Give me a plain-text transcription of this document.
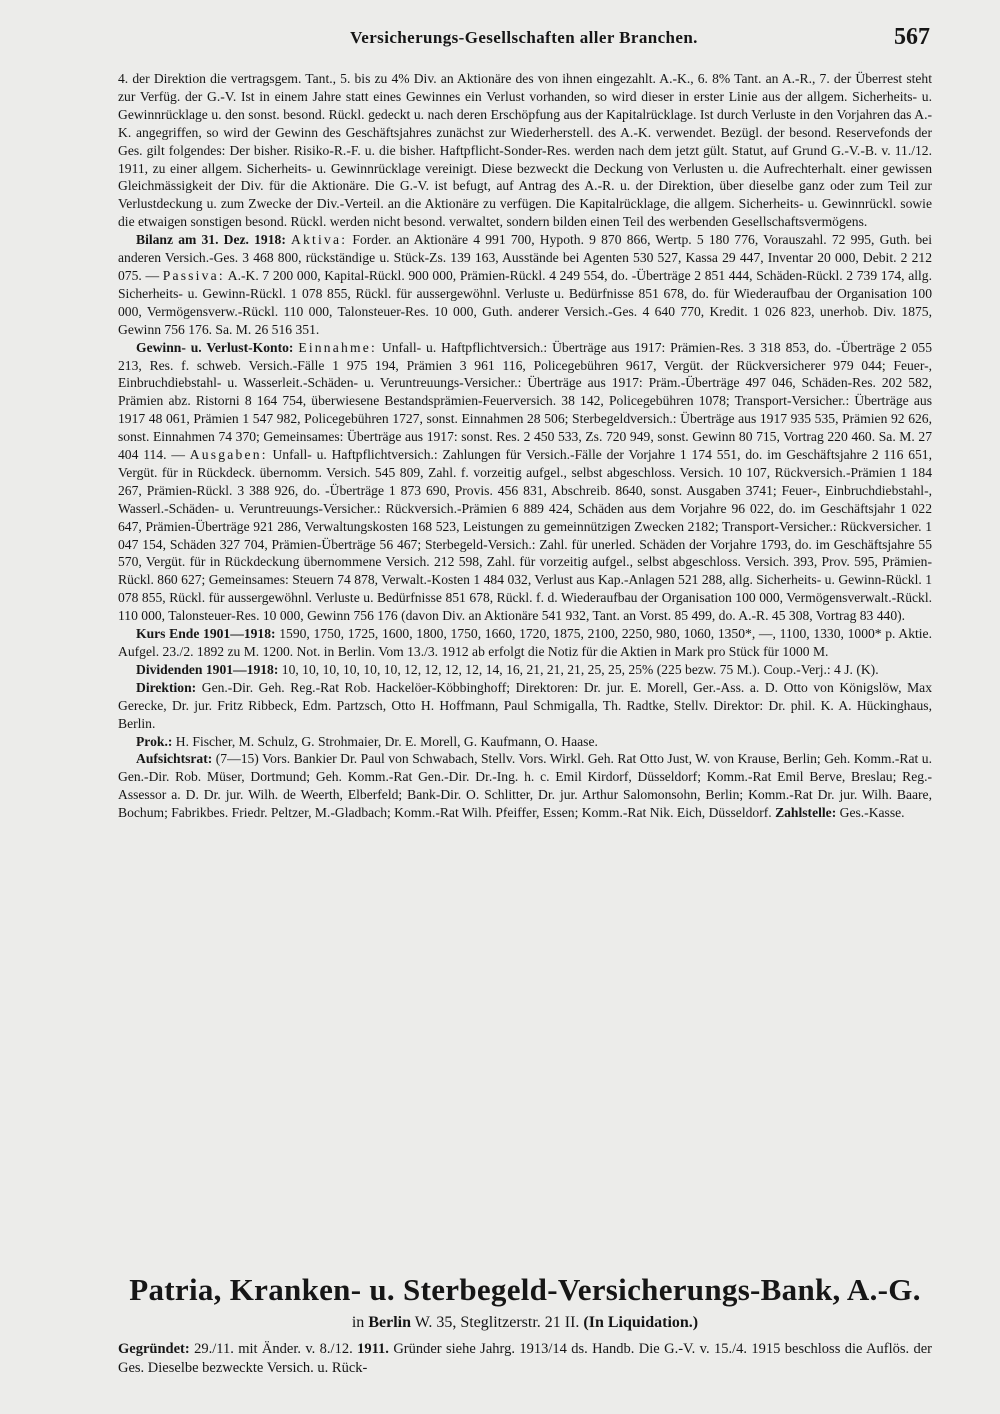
Versicherungs-Gesellschaften aller Branchen.	567

4. der Direktion die vertragsgem. Tant., 5. bis zu 4% Div. an Aktionäre des von ihnen eingezahlt. A.-K., 6. 8% Tant. an A.-R., 7. der Überrest steht zur Verfüg. der G.-V. Ist in einem Jahre statt eines Gewinnes ein Verlust vorhanden, so wird dieser in erster Linie aus der allgem. Sicherheits- u. Gewinnrücklage u. den sonst. besond. Rückl. gedeckt u. nach deren Erschöpfung aus der Kapitalrücklage. Ist durch Verluste in den Vorjahren das A.-K. angegriffen, so wird der Gewinn des Geschäftsjahres zunächst zur Wiederherstell. des A.-K. verwendet. Bezügl. der besond. Reservefonds der Ges. gilt folgendes: Der bisher. Risiko-R.-F. u. die bisher. Haftpflicht-Sonder-Res. werden nach dem jetzt gült. Statut, auf Grund G.-V.-B. v. 11./12. 1911, zu einer allgem. Sicherheits- u. Gewinnrücklage vereinigt. Diese bezweckt die Deckung von Verlusten u. die Aufrechterhalt. einer gewissen Gleichmässigkeit der Div. für die Aktionäre. Die G.-V. ist befugt, auf Antrag des A.-R. u. der Direktion, über dieselbe ganz oder zum Teil zur Verlustdeckung u. zum Zwecke der Div.-Verteil. an die Aktionäre zu verfügen. Die Kapitalrücklage, die allgem. Sicherheits- u. Gewinnrückl. sowie die etwaigen sonstigen besond. Rückl. werden nicht besond. verwaltet, sondern bilden einen Teil des werbenden Gesellschaftsvermögens.

Bilanz am 31. Dez. 1918: Aktiva: Forder. an Aktionäre 4 991 700, Hypoth. 9 870 866, Wertp. 5 180 776, Vorauszahl. 72 995, Guth. bei anderen Versich.-Ges. 3 468 800, rückständige u. Stück-Zs. 139 163, Ausstände bei Agenten 530 527, Kassa 29 447, Inventar 20 000, Debit. 2 212 075. — Passiva: A.-K. 7 200 000, Kapital-Rückl. 900 000, Prämien-Rückl. 4 249 554, do. -Überträge 2 851 444, Schäden-Rückl. 2 739 174, allg. Sicherheits- u. Gewinn-Rückl. 1 078 855, Rückl. für aussergewöhnl. Verluste u. Bedürfnisse 851 678, do. für Wiederaufbau der Organisation 100 000, Vermögensverw.-Rückl. 110 000, Talonsteuer-Res. 10 000, Guth. anderer Versich.-Ges. 4 640 770, Kredit. 1 026 823, unerhob. Div. 1875, Gewinn 756 176. Sa. M. 26 516 351.

Gewinn- u. Verlust-Konto: Einnahme: Unfall- u. Haftpflichtversich.: Überträge aus 1917: Prämien-Res. 3 318 853, do. -Überträge 2 055 213, Res. f. schweb. Versich.-Fälle 1 975 194, Prämien 3 961 116, Policegebühren 9617, Vergüt. der Rückversicherer 979 044; Feuer-, Einbruchdiebstahl- u. Wasserleit.-Schäden- u. Veruntreuungs-Versicher.: Überträge aus 1917: Präm.-Überträge 497 046, Schäden-Res. 202 582, Prämien abz. Ristorni 8 164 754, überwiesene Bestandsprämien-Feuerversich. 38 142, Policegebühren 1078; Transport-Versicher.: Überträge aus 1917 48 061, Prämien 1 547 982, Policegebühren 1727, sonst. Einnahmen 28 506; Sterbegeldversich.: Überträge aus 1917 935 535, Prämien 92 626, sonst. Einnahmen 74 370; Gemeinsames: Überträge aus 1917: sonst. Res. 2 450 533, Zs. 720 949, sonst. Gewinn 80 715, Vortrag 220 460. Sa. M. 27 404 114. — Ausgaben: Unfall- u. Haftpflichtversich.: Zahlungen für Versich.-Fälle der Vorjahre 1 174 551, do. im Geschäftsjahre 2 116 651, Vergüt. für in Rückdeck. übernomm. Versich. 545 809, Zahl. f. vorzeitig aufgel., selbst abgeschloss. Versich. 10 107, Rückversich.-Prämien 1 184 267, Prämien-Rückl. 3 388 926, do. -Überträge 1 873 690, Provis. 456 831, Abschreib. 8640, sonst. Ausgaben 3741; Feuer-, Einbruchdiebstahl-, Wasserl.-Schäden- u. Veruntreuungs-Versicher.: Rückversich.-Prämien 6 889 424, Schäden aus dem Vorjahre 96 022, do. im Geschäftsjahr 1 022 647, Prämien-Überträge 921 286, Verwaltungskosten 168 523, Leistungen zu gemeinnützigen Zwecken 2182; Transport-Versicher.: Rückversicher. 1 047 154, Schäden 327 704, Prämien-Überträge 56 467; Sterbegeld-Versich.: Zahl. für unerled. Schäden der Vorjahre 1793, do. im Geschäftsjahre 55 570, Vergüt. für in Rückdeckung übernommene Versich. 212 598, Zahl. für vorzeitig aufgel., selbst abgeschloss. Versich. 393, Prov. 595, Prämien-Rückl. 860 627; Gemeinsames: Steuern 74 878, Verwalt.-Kosten 1 484 032, Verlust aus Kap.-Anlagen 521 288, allg. Sicherheits- u. Gewinn-Rückl. 1 078 855, Rückl. für aussergewöhnl. Verluste u. Bedürfnisse 851 678, Rückl. f. d. Wiederaufbau der Organisation 100 000, Vermögensverwalt.-Rückl. 110 000, Talonsteuer-Res. 10 000, Gewinn 756 176 (davon Div. an Aktionäre 541 932, Tant. an Vorst. 85 499, do. A.-R. 45 308, Vortrag 83 440).

Kurs Ende 1901—1918: 1590, 1750, 1725, 1600, 1800, 1750, 1660, 1720, 1875, 2100, 2250, 980, 1060, 1350*, —, 1100, 1330, 1000* p. Aktie. Aufgel. 23./2. 1892 zu M. 1200. Not. in Berlin. Vom 13./3. 1912 ab erfolgt die Notiz für die Aktien in Mark pro Stück für 1000 M.

Dividenden 1901—1918: 10, 10, 10, 10, 10, 10, 12, 12, 12, 12, 14, 16, 21, 21, 21, 25, 25, 25% (225 bezw. 75 M.). Coup.-Verj.: 4 J. (K).

Direktion: Gen.-Dir. Geh. Reg.-Rat Rob. Hackelöer-Köbbinghoff; Direktoren: Dr. jur. E. Morell, Ger.-Ass. a. D. Otto von Königslöw, Max Gerecke, Dr. jur. Fritz Ribbeck, Edm. Partzsch, Otto H. Hoffmann, Paul Schmigalla, Th. Radtke, Stellv. Direktor: Dr. phil. K. A. Hückinghaus, Berlin.

Prok.: H. Fischer, M. Schulz, G. Strohmaier, Dr. E. Morell, G. Kaufmann, O. Haase.

Aufsichtsrat: (7—15) Vors. Bankier Dr. Paul von Schwabach, Stellv. Vors. Wirkl. Geh. Rat Otto Just, W. von Krause, Berlin; Geh. Komm.-Rat u. Gen.-Dir. Rob. Müser, Dortmund; Geh. Komm.-Rat Gen.-Dir. Dr.-Ing. h. c. Emil Kirdorf, Düsseldorf; Komm.-Rat Emil Berve, Breslau; Reg.-Assessor a. D. Dr. jur. Wilh. de Weerth, Elberfeld; Bank-Dir. O. Schlitter, Dr. jur. Arthur Salomonsohn, Berlin; Komm.-Rat Dr. jur. Wilh. Baare, Bochum; Fabrikbes. Friedr. Peltzer, M.-Gladbach; Komm.-Rat Wilh. Pfeiffer, Essen; Komm.-Rat Nik. Eich, Düsseldorf. Zahlstelle: Ges.-Kasse.

Patria, Kranken- u. Sterbegeld-Versicherungs-Bank, A.-G.
in Berlin W. 35, Steglitzerstr. 21 II. (In Liquidation.)
Gegründet: 29./11. mit Änder. v. 8./12. 1911. Gründer siehe Jahrg. 1913/14 ds. Handb. Die G.-V. v. 15./4. 1915 beschloss die Auflös. der Ges. Dieselbe bezweckte Versich. u. Rück-
